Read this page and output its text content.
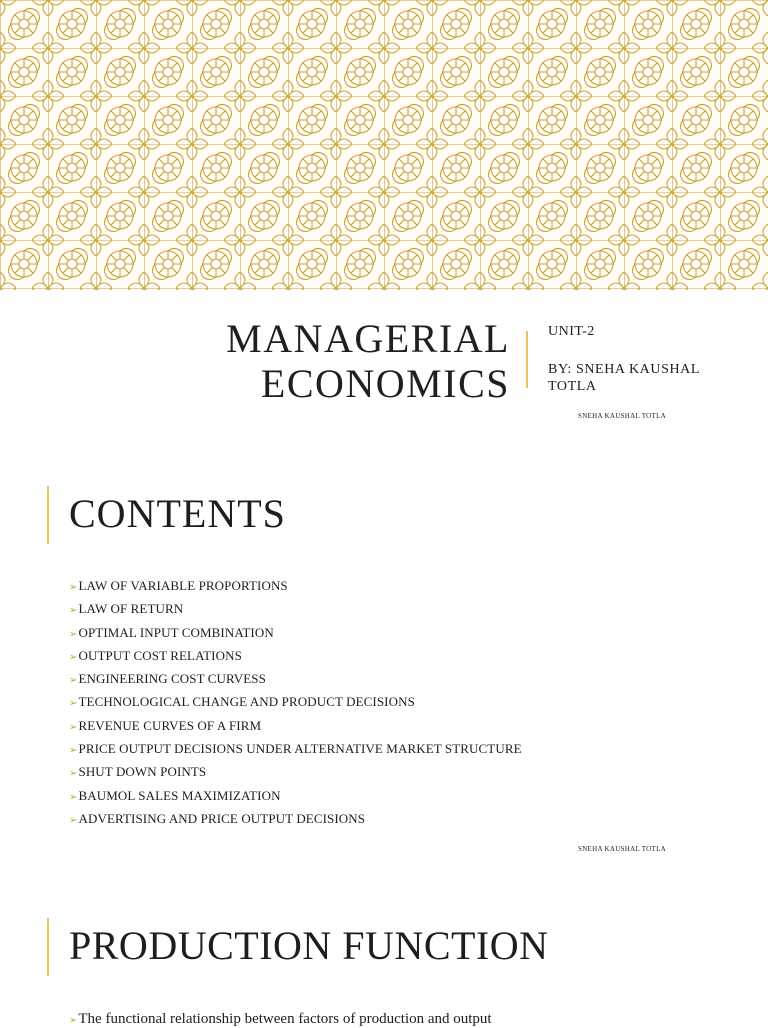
MANAGERIAL
ECONOMICS
UNIT-2
BY: SNEHA KAUSHAL TOTLA
SNEHA KAUSHAL TOTLA
CONTENTS
➢LAW OF VARIABLE PROPORTIONS
➢LAW OF RETURN
➢OPTIMAL INPUT COMBINATION
➢OUTPUT COST RELATIONS
➢ENGINEERING COST CURVESS
➢TECHNOLOGICAL CHANGE AND PRODUCT DECISIONS
➢REVENUE CURVES OF A FIRM
➢PRICE OUTPUT DECISIONS UNDER ALTERNATIVE MARKET STRUCTURE
➢SHUT DOWN POINTS
➢BAUMOL SALES MAXIMIZATION
➢ADVERTISING AND PRICE OUTPUT DECISIONS
SNEHA KAUSHAL TOTLA
PRODUCTION FUNCTION
➢The functional relationship between factors of production and output
